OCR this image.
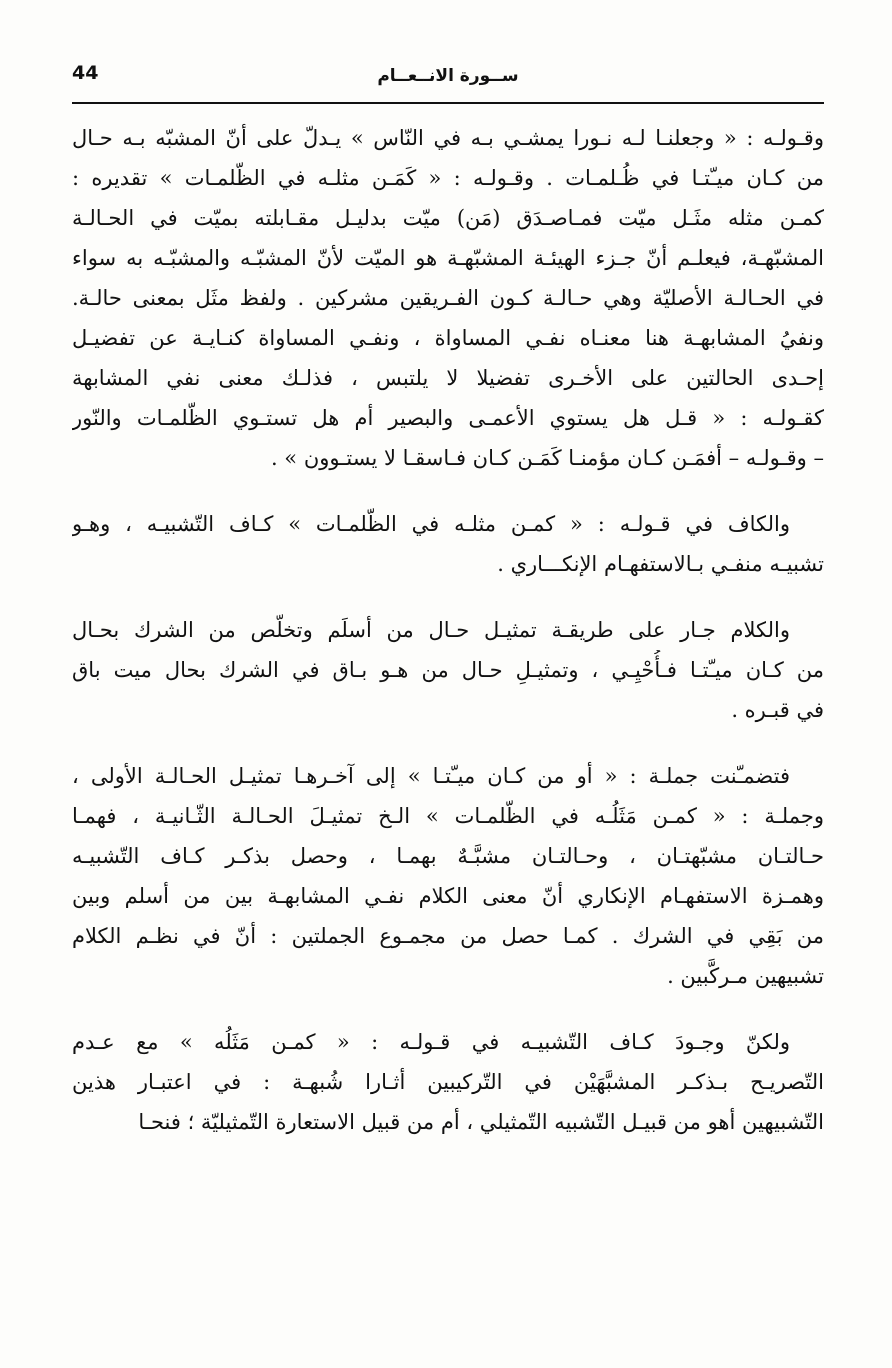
44	ســورة الانــعــام
وقـولـه : « وجعلنـا لـه نـورا يمشـي بـه في النّاس » يـدلّ على أنّ المشبّه بـه حـال
من كـان ميـّتـا في ظُـلمـات . وقـولـه : « كَمَـن مثلـه في الظّلمـات » تقديره :
كمـن مثله مثَـل ميّت فمـاصـدَق (مَن) ميّت بدليـل مقـابلته بميّت في الحـالـة
المشبّهـة، فيعلـم أنّ جـزء الهيئـة المشبّهـة هو الميّت لأنّ المشبّـه والمشبّـه به سواء
في الحـالـة الأصليّة وهي حـالـة كـون الفـريقين مشركين . ولفظ مثَل بمعنى حالـة.
ونفيُ المشابهـة هنا معنـاه نفـي المساواة ، ونفـي المساواة كنـايـة عن تفضيـل
إحـدى الحالتين على الأخـرى تفضيلا لا يلتبس ، فذلـك معنى نفي المشابهة
كقـولـه : « قـل هل يستوي الأعمـى والبصير أم هل تستـوي الظّلمـات والنّور
– وقـولـه – أفمَـن كـان مؤمنـا كَمَـن كـان فـاسقـا لا يستـوون » .
والكاف في قـولـه : « كمـن مثلـه في الظّلمـات » كـاف التّشبيـه ، وهـو
تشبيـه منفـي بـالاستفهـام الإنكـــاري .
والكلام جـار على طريقـة تمثيـل حـال من أسلَم وتخلّص من الشرك بحـال
من كـان ميـّتـا فـأُحْيِـي ، وتمثيـلِ حـال من هـو بـاق في الشرك بحال ميت باق
في قبـره .
فتضمـّنت جملـة : « أو من كـان ميـّتـا » إلى آخـرهـا تمثيـل الحـالـة الأولى ،
وجملـة : « كمـن مَثَلُـه في الظّلمـات » الـخ تمثيـلَ الحـالـة الثّـانيـة ، فهمـا
حـالتـان مشبّهتـان ، وحـالتـان مشبَّـهٌ بهمـا ، وحصل بذكـر كـاف التّشبيـه
وهمـزة الاستفهـام الإنكاري أنّ معنى الكلام نفـي المشابهـة بين من أسلم وبين
من بَقِي في الشرك . كمـا حصل من مجمـوع الجملتين : أنّ في نظـم الكلام
تشبيهين مـركَّبين .
ولكنّ وجـودَ كـاف التّشبيـه في قـولـه : « كمـن مَثَلُه » مع عـدم
التّصريـح بـذكـر المشبَّهَيْن في التّركيبين أثـارا شُبهـة : في اعتبـار هذين
التّشبيهين أهو من قبيـل التّشبيه التّمثيلي ، أم من قبيل الاستعارة التّمثيليّة ؛ فنحـا
